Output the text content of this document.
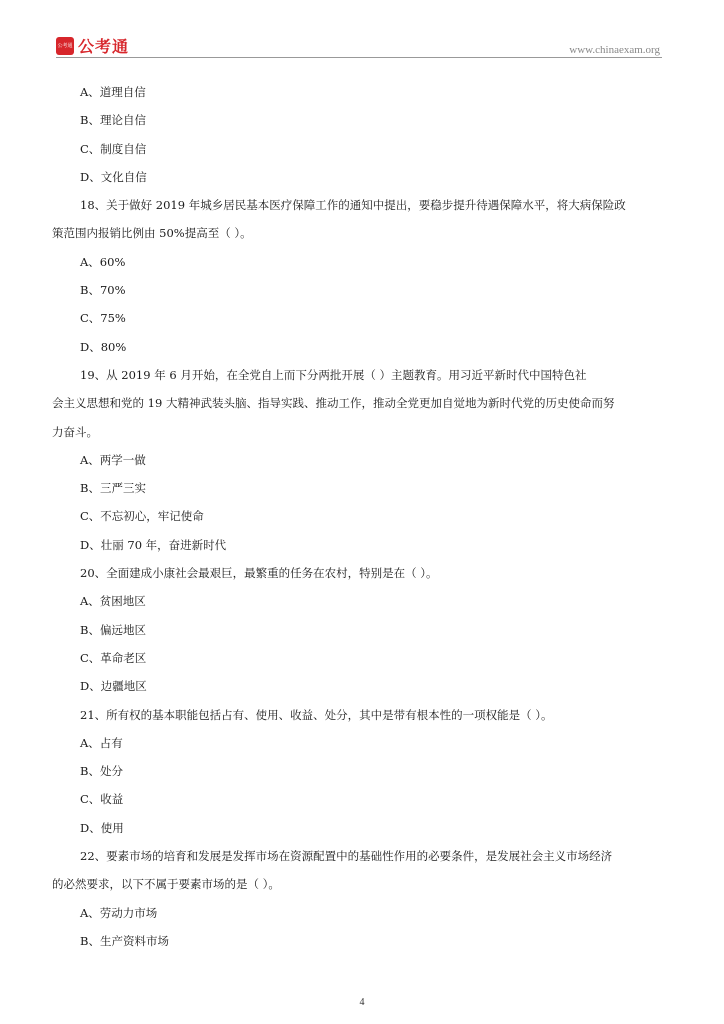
公考通 公考通	www.chinaexam.org
A、道理自信
B、理论自信
C、制度自信
D、文化自信
18、关于做好 2019 年城乡居民基本医疗保障工作的通知中提出，要稳步提升待遇保障水平，将大病保险政
策范围内报销比例由 50%提高至（ ）。
A、60%
B、70%
C、75%
D、80%
19、从 2019 年 6 月开始，在全党自上而下分两批开展（ ）主题教育。用习近平新时代中国特色社
会主义思想和党的 19 大精神武装头脑、指导实践、推动工作，推动全党更加自觉地为新时代党的历史使命而努
力奋斗。
A、两学一做
B、三严三实
C、不忘初心，牢记使命
D、壮丽 70 年，奋进新时代
20、全面建成小康社会最艰巨，最繁重的任务在农村，特别是在（ ）。
A、贫困地区
B、偏远地区
C、革命老区
D、边疆地区
21、所有权的基本职能包括占有、使用、收益、处分，其中是带有根本性的一项权能是（ ）。
A、占有
B、处分
C、收益
D、使用
22、要素市场的培育和发展是发挥市场在资源配置中的基础性作用的必要条件，是发展社会主义市场经济
的必然要求，以下不属于要素市场的是（ ）。
A、劳动力市场
B、生产资料市场
4
